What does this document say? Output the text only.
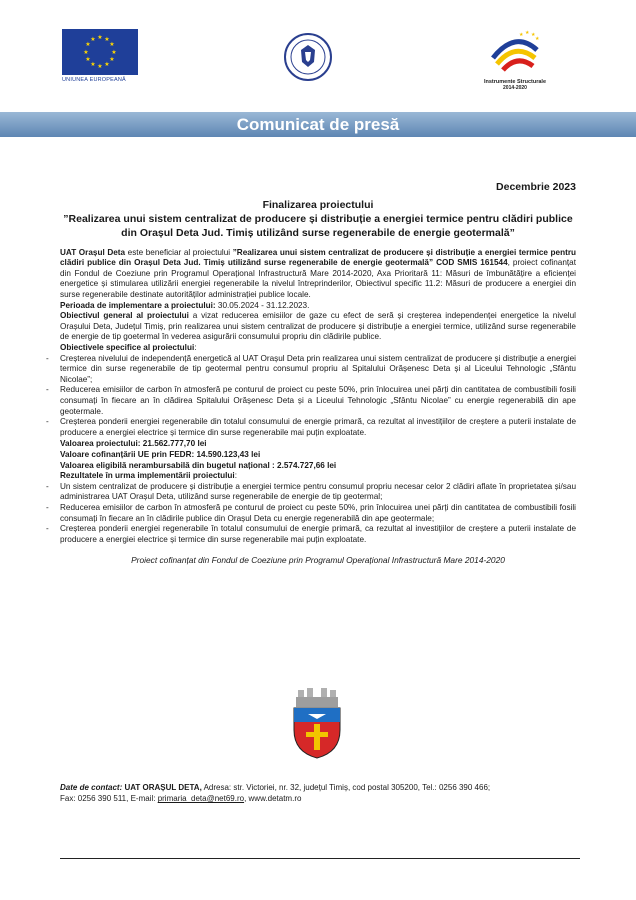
★ ★
★
★
★
★
★
★
★
★
★
★
UNIUNEA EUROPEANĂ
★ ★ ★
★
Instrumente Structurale
2014-2020
Comunicat de presă
Decembrie 2023
Finalizarea proiectului
”Realizarea unui sistem centralizat de producere și distribuție a energiei termice pentru clădiri publice din Orașul Deta Jud. Timiș utilizând surse regenerabile de energie geotermală”

UAT Orașul Deta este beneficiar al proiectului ”Realizarea unui sistem centralizat de producere și distribuție a energiei termice pentru clădiri publice din Orașul Deta Jud. Timiș utilizând surse regenerabile de energie geotermală” COD SMIS 161544, proiect cofinanțat din Fondul de Coeziune prin Programul Operațional Infrastructură Mare 2014-2020, Axa Prioritară 11: Măsuri de îmbunătățire a eficienței energetice și stimularea utilizării energiei regenerabile la nivelul întreprinderilor, Obiectivul specific 11.2: Măsuri de producere a energiei din surse regenerabile destinate autorităților administrației publice locale.

Perioada de implementare a proiectului: 30.05.2024 - 31.12.2023.

Obiectivul general al proiectului a vizat reducerea emisiilor de gaze cu efect de seră și creșterea independenței energetice la nivelul Orașului Deta, Județul Timiș, prin realizarea unui sistem centralizat de producere și distribuție a energiei termice, utilizând surse regenerabile de energie de tip goetermal în vederea asigurării consumului propriu din clădirile publice.

Obiectivele specifice al proiectului:

- Creșterea nivelului de independență energetică al UAT Orașul Deta prin realizarea unui sistem centralizat de producere și distribuție a energiei termice din surse regenerabile de tip geotermal pentru consumul propriu al Spitalului Orășenesc Deta și al Liceului Tehnologic „Sfântu Nicolae”;
- Reducerea emisiilor de carbon în atmosferă pe conturul de proiect cu peste 50%, prin înlocuirea unei părți din cantitatea de combustibili fosili consumați în fiecare an în clădirea Spitalului Orășenesc Deta și a Liceului Tehnologic „Sfântu Nicolae” cu energie regenerabilă din ape geotermale.
- Creșterea ponderii energiei regenerabile din totalul consumului de energie primară, ca rezultat al investițiilor de creștere a puterii instalate de producere a energiei electrice și termice din surse regenerabile mai puțin exploatate.
Valoarea proiectului: 21.562.777,70 lei
Valoare cofinanțării UE prin FEDR: 14.590.123,43 lei
Valoarea eligibilă nerambursabilă din bugetul național : 2.574.727,66 lei

Rezultatele în urma implementării proiectului:

- Un sistem centralizat de producere și distribuție a energiei termice pentru consumul propriu necesar celor 2 clădiri aflate în proprietatea și/sau administrarea UAT Orașul Deta, utilizând surse regenerabile de energie de tip geotermal;
- Reducerea emisiilor de carbon în atmosferă pe conturul de proiect cu peste 50%, prin înlocuirea unei părți din cantitatea de combustibili fosili consumați în fiecare an în clădirile publice din Orașul Deta cu energie regenerabilă din ape geotermale;
- Creșterea ponderii energiei regenerabile în totalul consumului de energie primară, ca rezultat al investițiilor de creștere a puterii instalate de producere a energiei electrice și termice din surse regenerabile mai puțin exploatate.
Proiect cofinanțat din Fondul de Coeziune prin Programul Operațional Infrastructură Mare 2014-2020
Date de contact: UAT ORAȘUL DETA, Adresa: str. Victoriei, nr. 32, județul Timiș, cod postal 305200, Tel.: 0256 390 466;
Fax: 0256 390 511, E-mail: primaria_deta@net69.ro, www.detatm.ro
